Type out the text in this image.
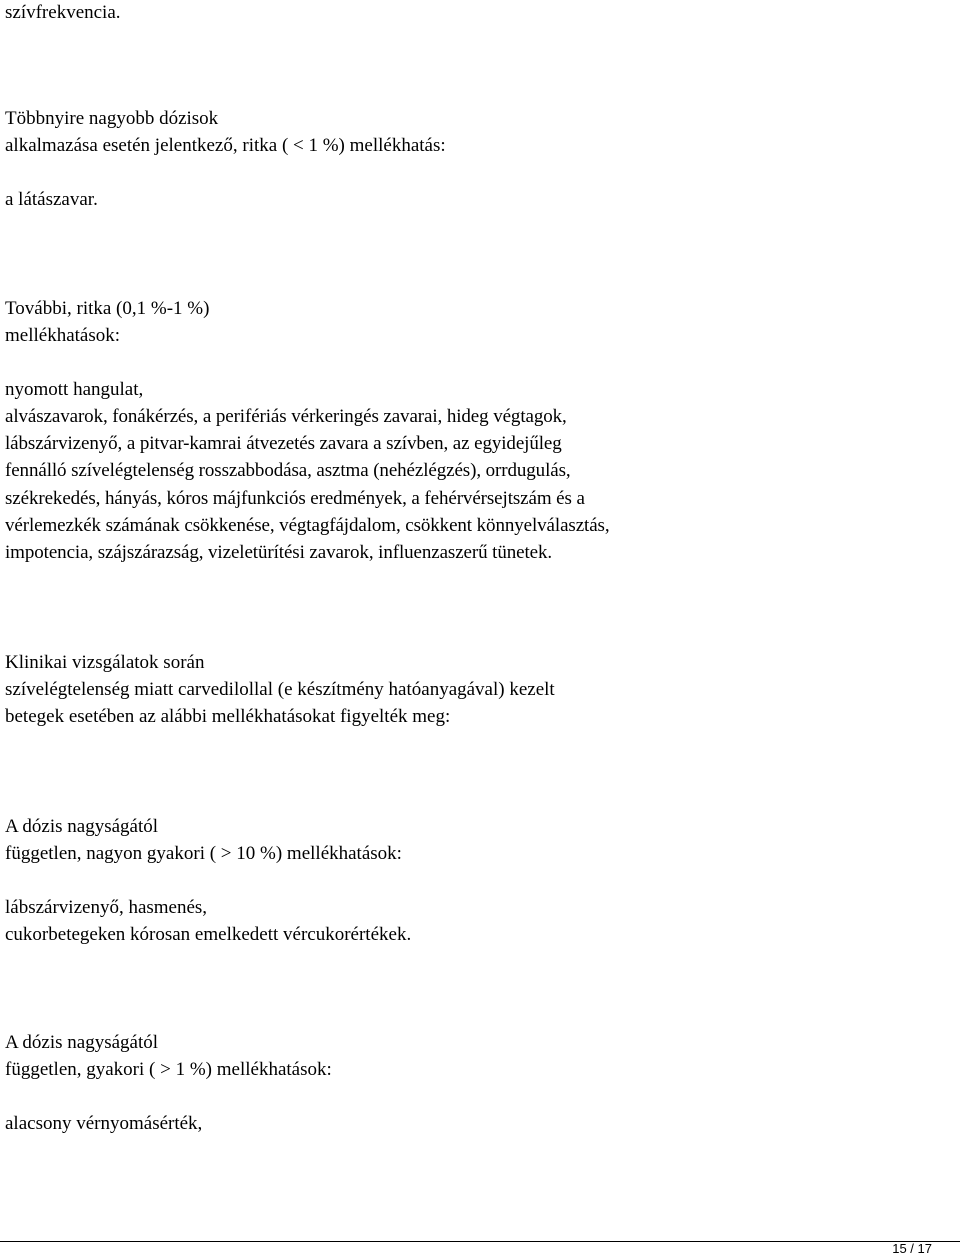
szívfrekvencia.
Többnyire nagyobb dózisok
alkalmazása esetén jelentkező, ritka ( < 1 %) mellékhatás:
a látászavar.
További, ritka (0,1 %-1 %)
mellékhatások:
nyomott hangulat,
alvászavarok, fonákérzés, a perifériás vérkeringés zavarai, hideg végtagok,
lábszárvizenyő, a pitvar-kamrai átvezetés zavara a szívben, az egyidejűleg
fennálló szívelégtelenség rosszabbodása, asztma (nehézlégzés), orrdugulás,
székrekedés, hányás, kóros májfunkciós eredmények, a fehérvérsejtszám és a
vérlemezkék számának csökkenése, végtagfájdalom, csökkent könnyelválasztás,
impotencia, szájszárazság, vizeletürítési zavarok, influenzaszerű tünetek.
Klinikai vizsgálatok során
szívelégtelenség miatt carvedilollal (e készítmény hatóanyagával) kezelt
betegek esetében az alábbi mellékhatásokat figyelték meg:
A dózis nagyságától
független, nagyon gyakori ( > 10 %) mellékhatások:
lábszárvizenyő, hasmenés,
cukorbetegeken kórosan emelkedett vércukorértékek.
A dózis nagyságától
független, gyakori ( > 1 %) mellékhatások:
alacsony vérnyomásérték,
15 / 17
